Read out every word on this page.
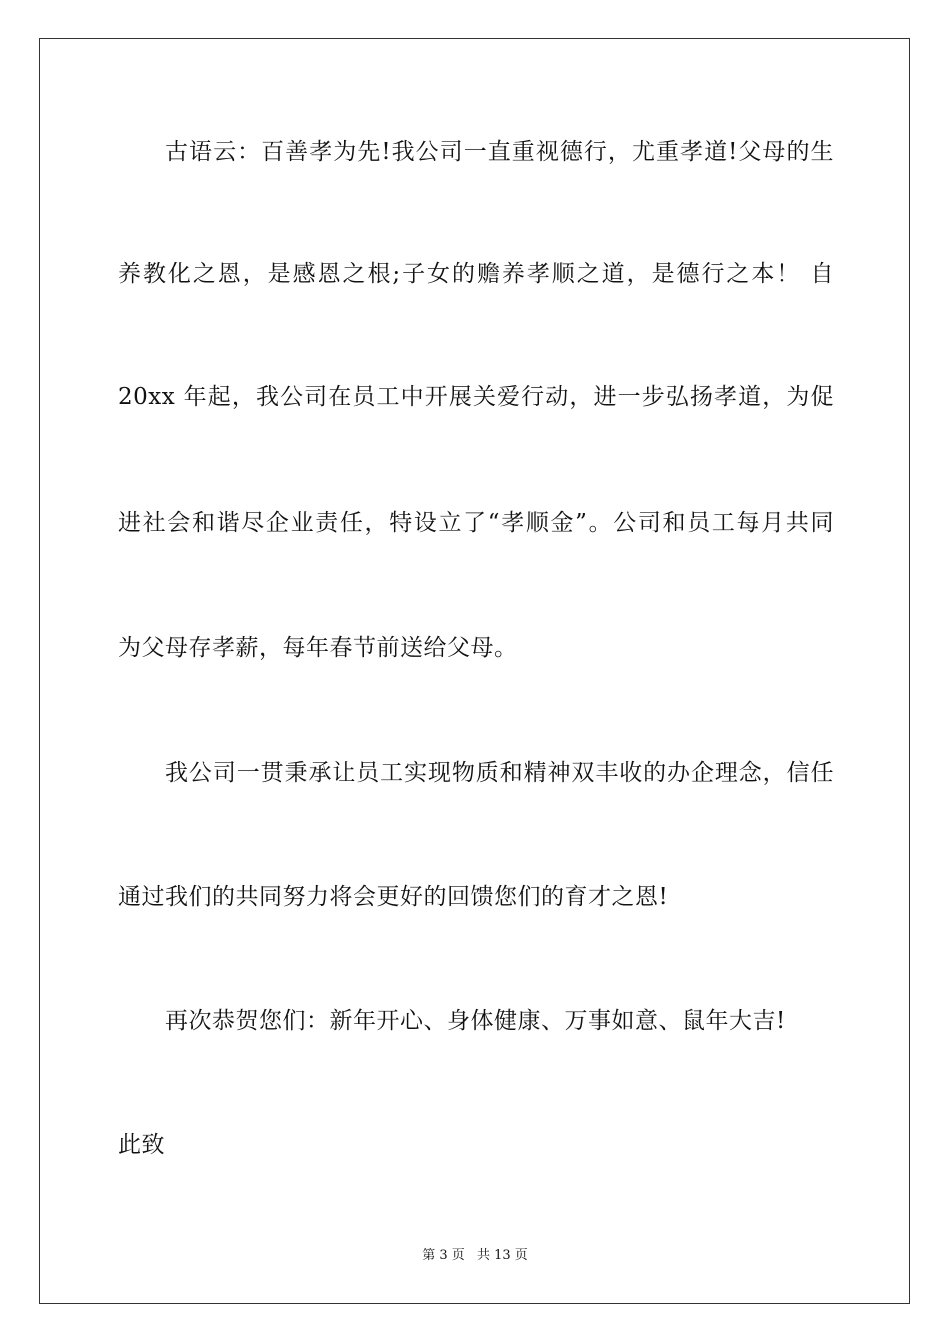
古语云：百善孝为先!我公司一直重视德行，尤重孝道!父母的生
养教化之恩，是感恩之根;子女的赡养孝顺之道，是德行之本！ 自
20xx 年起，我公司在员工中开展关爱行动，进一步弘扬孝道，为促
进社会和谐尽企业责任，特设立了“孝顺金”。公司和员工每月共同
为父母存孝薪，每年春节前送给父母。
我公司一贯秉承让员工实现物质和精神双丰收的办企理念，信任
通过我们的共同努力将会更好的回馈您们的育才之恩!
再次恭贺您们：新年开心、身体健康、万事如意、鼠年大吉!
此致
第 3 页 共 13 页
